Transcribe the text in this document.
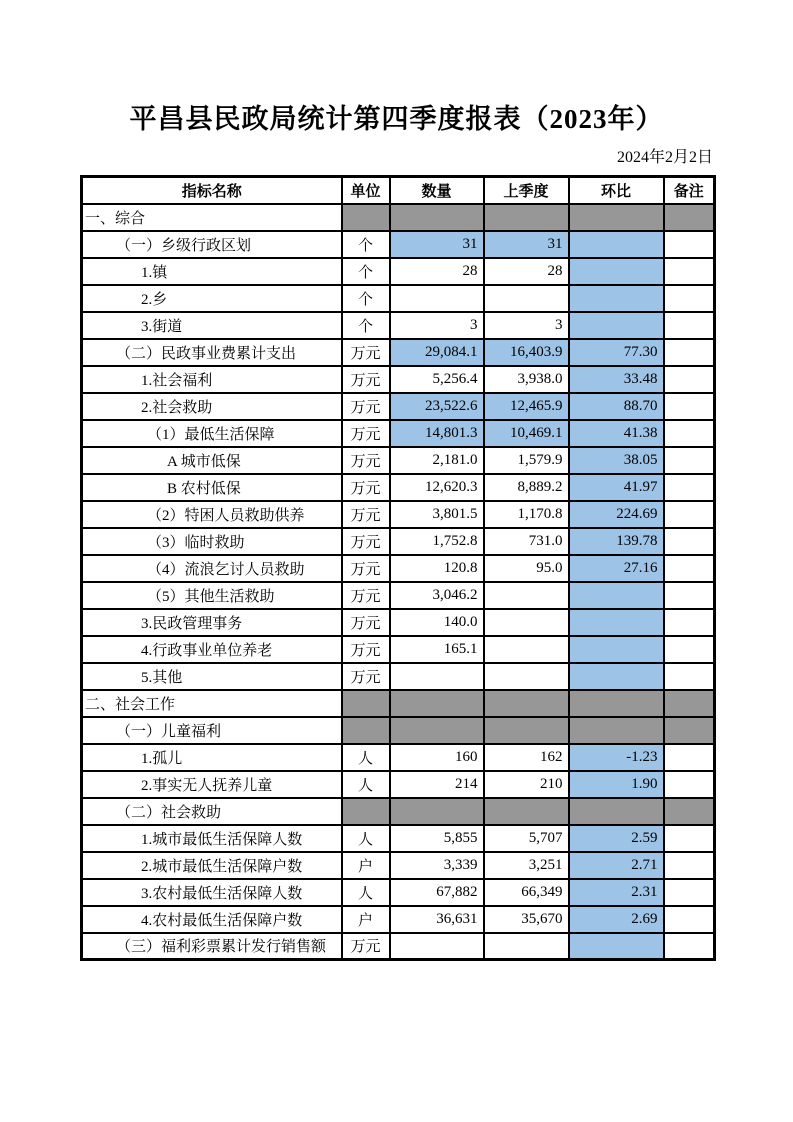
平昌县民政局统计第四季度报表（2023年）
2024年2月2日
指标名称	单位	数量	上季度	环比	备注
一、综合					
（一）乡级行政区划	个	31	31		
1.镇	个	28	28		
2.乡	个				
3.街道	个	3	3		
（二）民政事业费累计支出	万元	29,084.1	16,403.9	77.30	
1.社会福利	万元	5,256.4	3,938.0	33.48	
2.社会救助	万元	23,522.6	12,465.9	88.70	
（1）最低生活保障	万元	14,801.3	10,469.1	41.38	
A 城市低保	万元	2,181.0	1,579.9	38.05	
B 农村低保	万元	12,620.3	8,889.2	41.97	
（2）特困人员救助供养	万元	3,801.5	1,170.8	224.69	
（3）临时救助	万元	1,752.8	731.0	139.78	
（4）流浪乞讨人员救助	万元	120.8	95.0	27.16	
（5）其他生活救助	万元	3,046.2			
3.民政管理事务	万元	140.0			
4.行政事业单位养老	万元	165.1			
5.其他	万元				
二、社会工作					
（一）儿童福利					
1.孤儿	人	160	162	-1.23	
2.事实无人抚养儿童	人	214	210	1.90	
（二）社会救助					
1.城市最低生活保障人数	人	5,855	5,707	2.59	
2.城市最低生活保障户数	户	3,339	3,251	2.71	
3.农村最低生活保障人数	人	67,882	66,349	2.31	
4.农村最低生活保障户数	户	36,631	35,670	2.69	
（三）福利彩票累计发行销售额	万元				
